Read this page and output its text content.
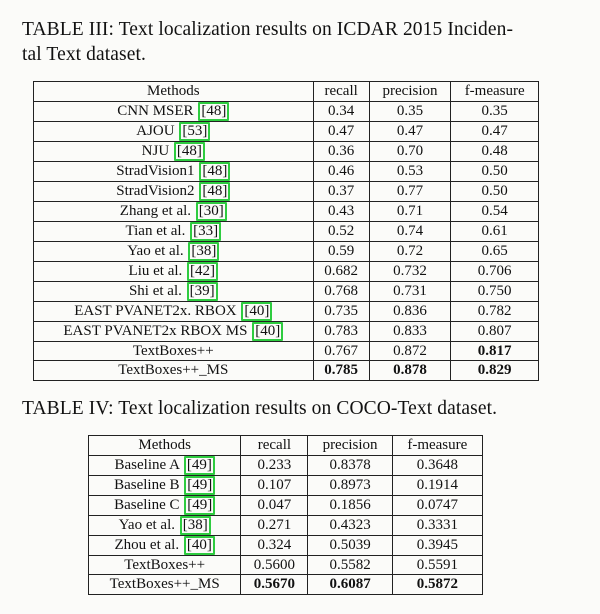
TABLE III: Text localization results on ICDAR 2015 Inciden-
tal Text dataset.

Methods	recall	precision	f-measure
CNN MSER [48]	0.34	0.35	0.35
AJOU [53]	0.47	0.47	0.47
NJU [48]	0.36	0.70	0.48
StradVision1 [48]	0.46	0.53	0.50
StradVision2 [48]	0.37	0.77	0.50
Zhang et al. [30]	0.43	0.71	0.54
Tian et al. [33]	0.52	0.74	0.61
Yao et al. [38]	0.59	0.72	0.65
Liu et al. [42]	0.682	0.732	0.706
Shi et al. [39]	0.768	0.731	0.750
EAST PVANET2x. RBOX [40]	0.735	0.836	0.782
EAST PVANET2x RBOX MS [40]	0.783	0.833	0.807
TextBoxes++	0.767	0.872	0.817
TextBoxes++_MS	0.785	0.878	0.829

TABLE IV: Text localization results on COCO-Text dataset.

Methods	recall	precision	f-measure
Baseline A [49]	0.233	0.8378	0.3648
Baseline B [49]	0.107	0.8973	0.1914
Baseline C [49]	0.047	0.1856	0.0747
Yao et al. [38]	0.271	0.4323	0.3331
Zhou et al. [40]	0.324	0.5039	0.3945
TextBoxes++	0.5600	0.5582	0.5591
TextBoxes++_MS	0.5670	0.6087	0.5872
